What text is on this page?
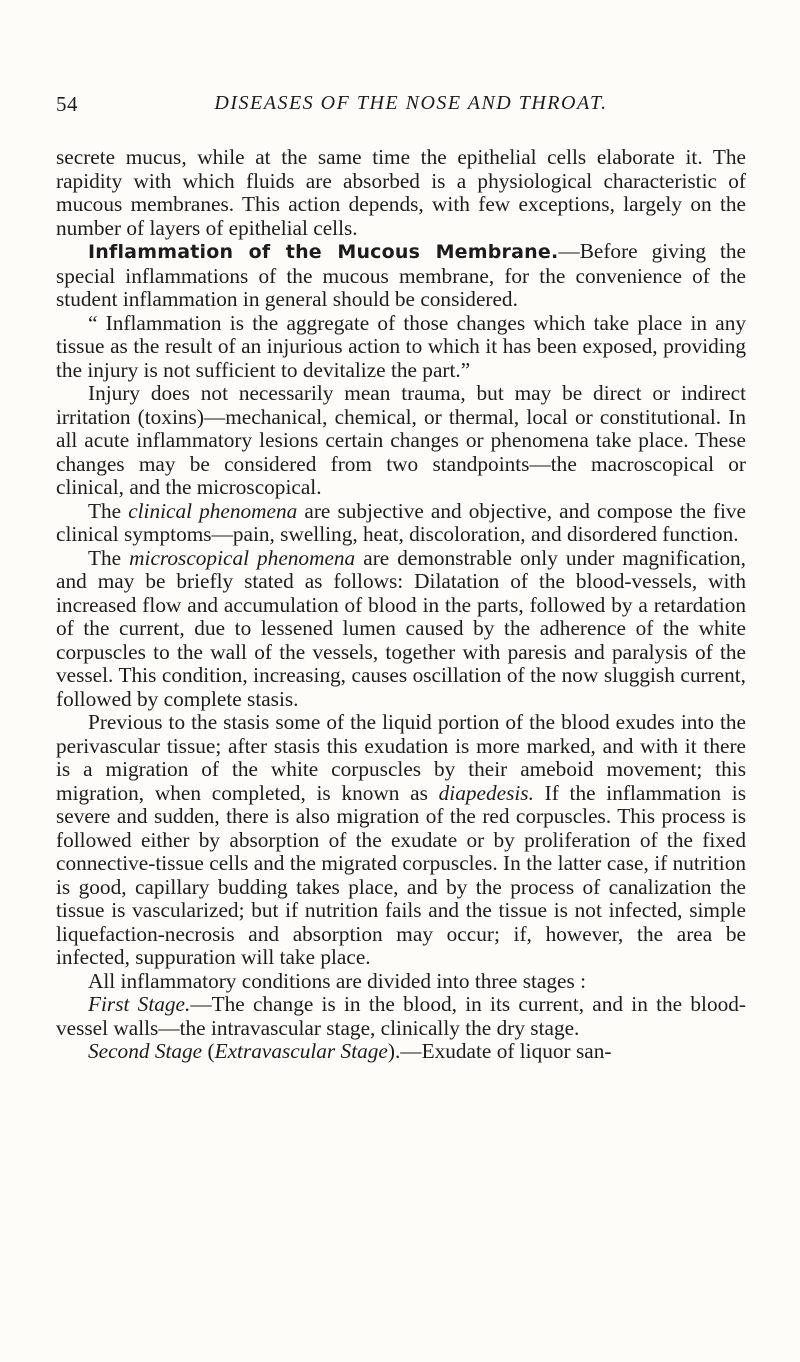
54	DISEASES OF THE NOSE AND THROAT.

secrete mucus, while at the same time the epithelial cells elaborate it. The rapidity with which fluids are absorbed is a physiological characteristic of mucous membranes. This action depends, with few exceptions, largely on the number of layers of epithelial cells.

Inflammation of the Mucous Membrane.—Before giving the special inflammations of the mucous membrane, for the convenience of the student inflammation in general should be considered.

“ Inflammation is the aggregate of those changes which take place in any tissue as the result of an injurious action to which it has been exposed, providing the injury is not sufficient to devitalize the part.”

Injury does not necessarily mean trauma, but may be direct or indirect irritation (toxins)—mechanical, chemical, or thermal, local or constitutional. In all acute inflammatory lesions certain changes or phenomena take place. These changes may be considered from two standpoints—the macroscopical or clinical, and the microscopical.

The clinical phenomena are subjective and objective, and compose the five clinical symptoms—pain, swelling, heat, discoloration, and disordered function.

The microscopical phenomena are demonstrable only under magnification, and may be briefly stated as follows: Dilatation of the blood-vessels, with increased flow and accumulation of blood in the parts, followed by a retardation of the current, due to lessened lumen caused by the adherence of the white corpuscles to the wall of the vessels, together with paresis and paralysis of the vessel. This condition, increasing, causes oscillation of the now sluggish current, followed by complete stasis.

Previous to the stasis some of the liquid portion of the blood exudes into the perivascular tissue; after stasis this exudation is more marked, and with it there is a migration of the white corpuscles by their ameboid movement; this migration, when completed, is known as diapedesis. If the inflammation is severe and sudden, there is also migration of the red corpuscles. This process is followed either by absorption of the exudate or by proliferation of the fixed connective-tissue cells and the migrated corpuscles. In the latter case, if nutrition is good, capillary budding takes place, and by the process of canalization the tissue is vascularized; but if nutrition fails and the tissue is not infected, simple liquefaction-necrosis and absorption may occur; if, however, the area be infected, suppuration will take place.

All inflammatory conditions are divided into three stages :

First Stage.—The change is in the blood, in its current, and in the blood-vessel walls—the intravascular stage, clinically the dry stage.

Second Stage (Extravascular Stage).—Exudate of liquor san-
